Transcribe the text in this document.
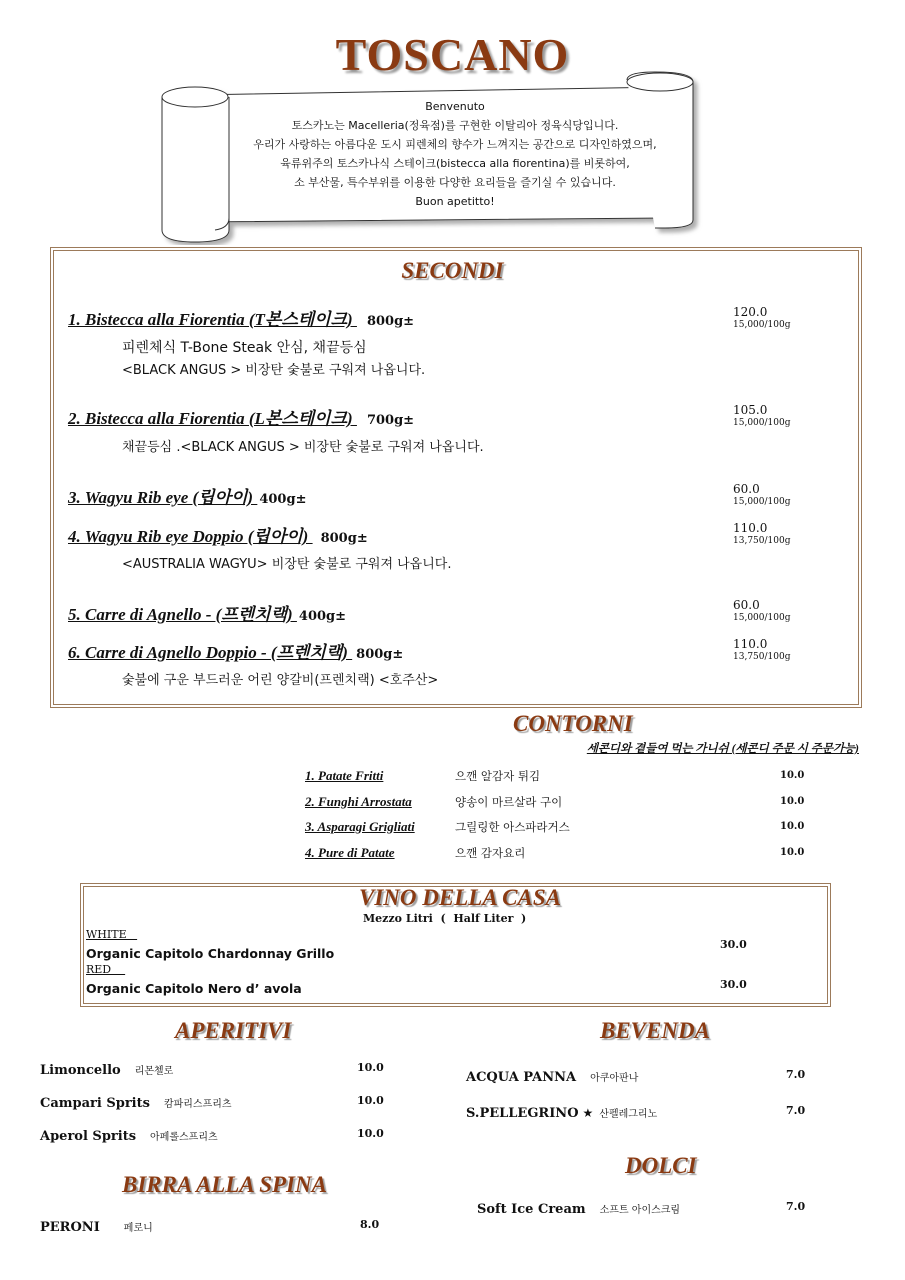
TOSCANO
Benvenuto
토스카노는 Macelleria(정육점)를 구현한 이탈리아 정육식당입니다.
우리가 사랑하는 아름다운 도시 피렌체의 향수가 느껴지는 공간으로 디자인하였으며,
육류위주의 토스카나식 스테이크(bistecca alla fiorentina)를 비롯하여,
소 부산물, 특수부위를 이용한 다양한 요리들을 즐기실 수 있습니다.
Buon apetitto!
SECONDI
1. Bistecca alla Fiorentia (T본스테이크) 800g±
120.0
15,000/100g
피렌체식 T-Bone Steak 안심, 채끝등심
<BLACK ANGUS > 비장탄 숯불로 구워져 나옵니다.
2. Bistecca alla Fiorentia (L본스테이크) 700g±
105.0
15,000/100g
채끝등심 .<BLACK ANGUS > 비장탄 숯불로 구워져 나옵니다.
3. Wagyu Rib eye (립아이) 400g±
60.0
15,000/100g
4. Wagyu Rib eye Doppio (립아이) 800g±
110.0
13,750/100g
<AUSTRALIA WAGYU> 비장탄 숯불로 구워져 나옵니다.
5. Carre di Agnello - (프렌치랙) 400g±
60.0
15,000/100g
6. Carre di Agnello Doppio - (프렌치랙) 800g±
110.0
13,750/100g
숯불에 구운 부드러운 어린 양갈비(프렌치랙) <호주산>
CONTORNI
세콘디와 곁들여 먹는 가니쉬 (세콘디 주문 시 주문가능)
1. Patate Fritti	으깬 알감자 튀김	10.0
2. Funghi Arrostata	양송이 마르살라 구이	10.0
3. Asparagi Grigliati	그릴링한 아스파라거스	10.0
4. Pure di Patate	으깬 감자요리	10.0
VINO DELLA CASA
Mezzo Litri  (  Half Liter  )
WHITE
Organic Capitolo Chardonnay Grillo
30.0
RED
Organic Capitolo Nero d’ avola	30.0
APERITIVI
Limoncello 리몬첼로	10.0
Campari Sprits 캄파리스프리츠	10.0
Aperol Sprits 아페롤스프리츠	10.0
BIRRA ALLA SPINA
PERONI 페로니	8.0
BEVENDA
ACQUA PANNA 아쿠아판나	7.0
S.PELLEGRINO ★ 산펠레그리노	7.0
DOLCI
Soft Ice Cream 소프트 아이스크림	7.0
